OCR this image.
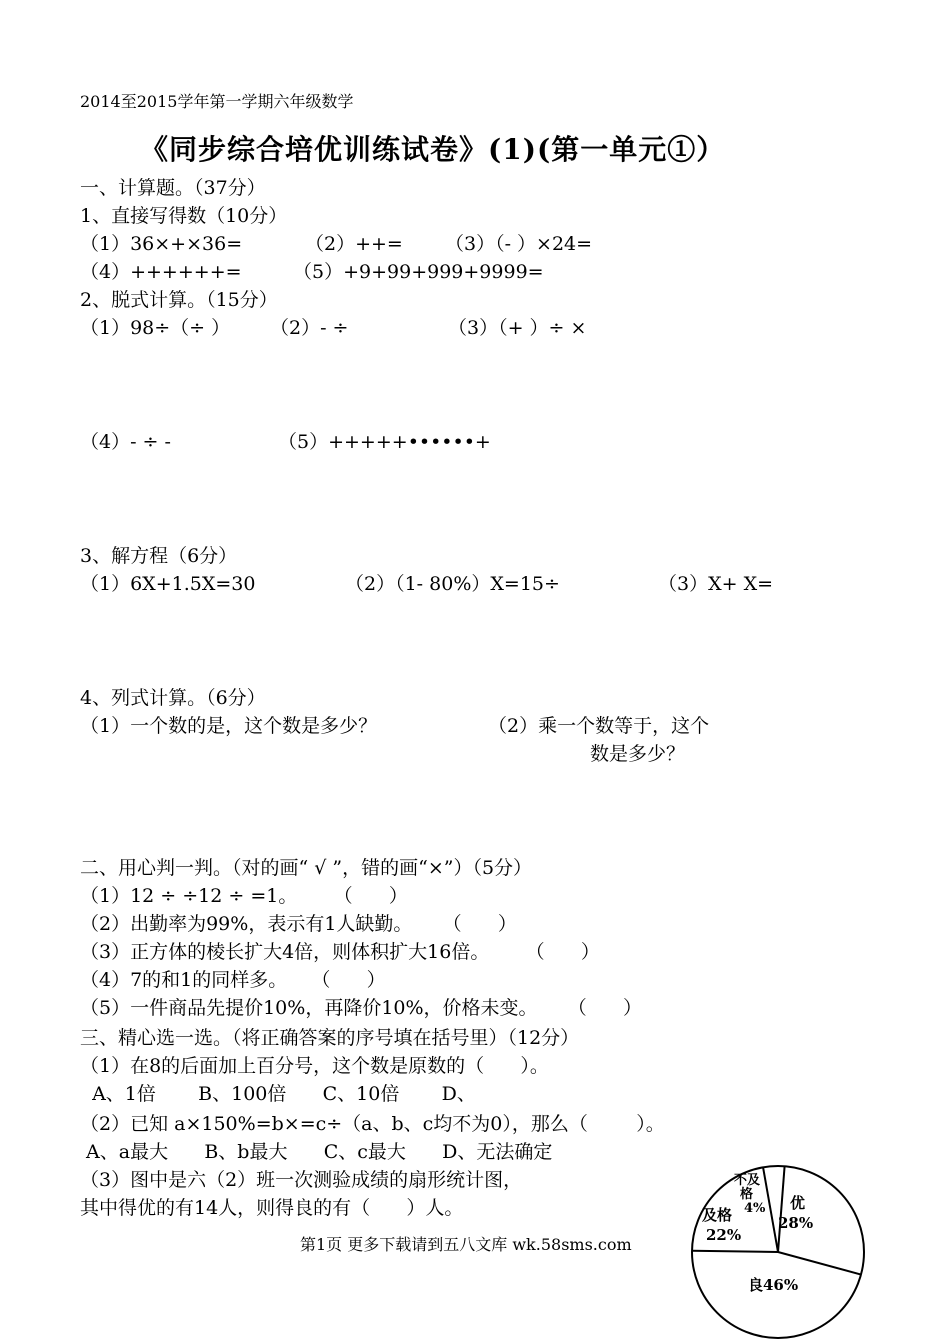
2014至2015学年第一学期六年级数学
《同步综合培优训练试卷》(1)(第一单元①）
一、计算题。（37分）
1、直接写得数（10分）
（1）36×+×36=	（2）++= （3）（- ）×24=
（4）++++++=	（5）+9+99+999+9999=
2、脱式计算。（15分）
（1）98÷（÷ ） （2）- ÷	（3）（+ ）÷ ×
（4）- ÷ -	（5）+++++••••••+
3、解方程（6分）
（1）6X+1.5X=30	（2）（1- 80%）X=15÷	（3）X+ X=
4、列式计算。（6分）
（1）一个数的是，这个数是多少？	（2）乘一个数等于，这个
数是多少？
二、用心判一判。（对的画“ √ ”，错的画“×”）（5分）
（1）12 ÷ ÷12 ÷ =1。      （      ）
（2）出勤率为99%，表示有1人缺勤。     （      ）
（3）正方体的棱长扩大4倍，则体积扩大16倍。      （      ）
（4）7的和1的同样多。    （      ）
（5）一件商品先提价10%，再降价10%，价格未变。     （      ）
三、精心选一选。（将正确答案的序号填在括号里）（12分）
（1）在8的后面加上百分号，这个数是原数的（      ）。
A、1倍       B、100倍      C、10倍       D、
（2）已知 a×150%=b×=c÷（a、b、c均不为0），那么（        ）。
A、a最大      B、b最大      C、c最大      D、无法确定
（3）图中是六（2）班一次测验成绩的扇形统计图，
其中得优的有14人，则得良的有（      ）人。
不及
格
4% 优
28%
及格
22%
良46%
第1页 更多下载请到五八文库 wk.58sms.com
